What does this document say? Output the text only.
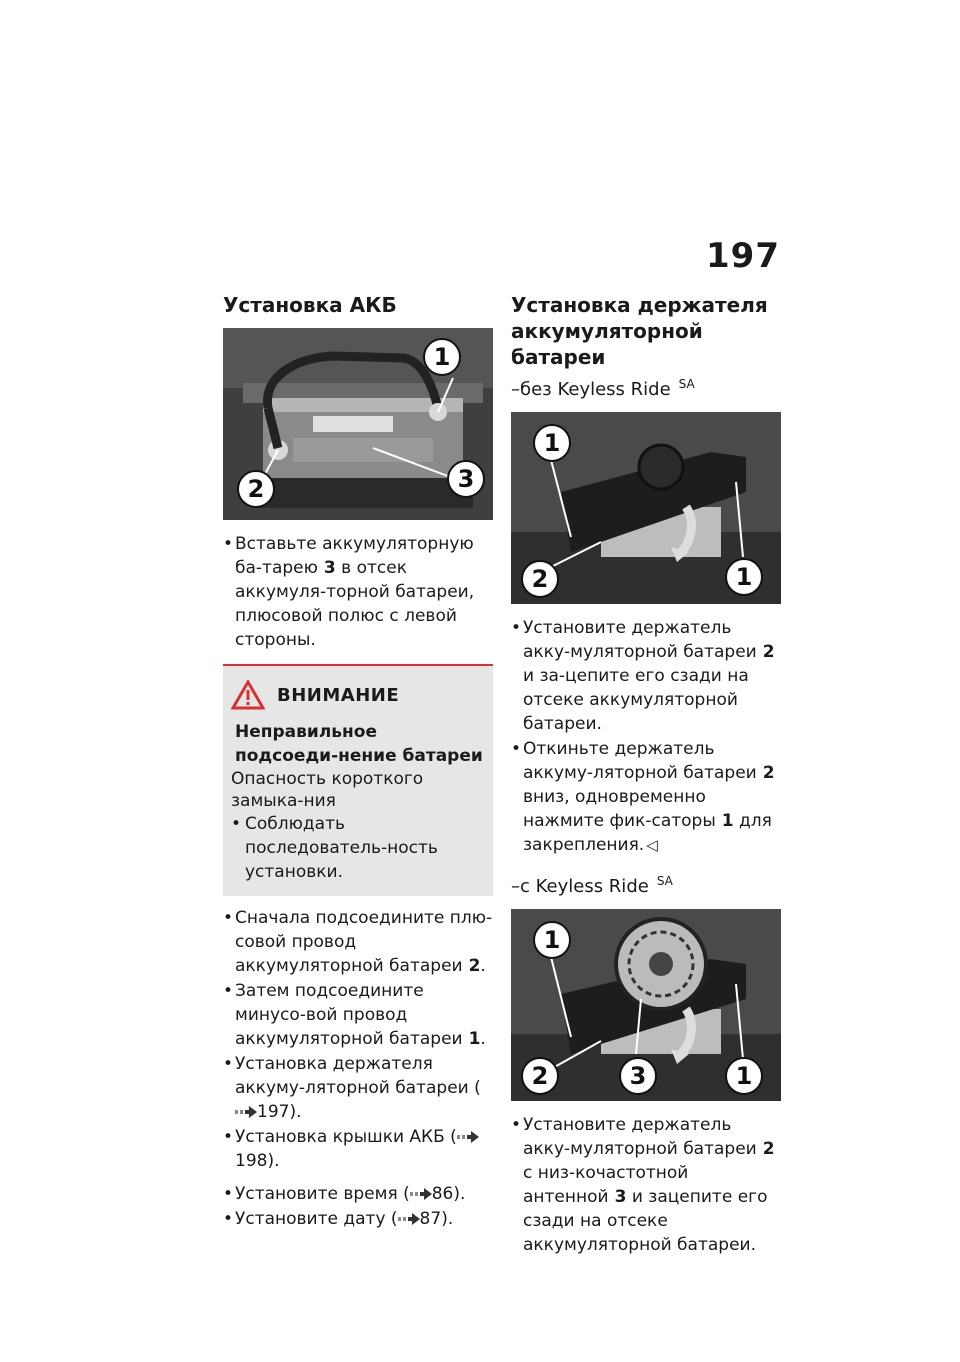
197
Установка АКБ
1
2	3
• Вставьте аккумуляторную ба-тарею 3 в отсек аккумуля-торной батареи, плюсовой полюс с левой стороны.
ВНИМАНИЕ
Неправильное подсоеди-нение батареи
Опасность короткого замыка-ния
• Соблюдать последователь-ность установки.
• Сначала подсоедините плю-совой провод аккумуляторной батареи 2.
• Затем подсоедините минусо-вой провод аккумуляторной батареи 1.
• Установка держателя аккуму-ляторной батареи (197).
• Установка крышки АКБ (198).
• Установите время ( 86).
• Установите дату ( 87).
Установка держателя
аккумуляторной батареи
–без Keyless Ride $^{SA}$
1
2	1
• Установите держатель акку-муляторной батареи 2 и за-цепите его сзади на отсеке аккумуляторной батареи.
• Откиньте держатель аккуму-ляторной батареи 2 вниз, одновременно нажмите фик-саторы 1 для закрепления. ◁
–с Keyless Ride $^{SA}$
1
2	3	1
• Установите держатель акку-муляторной батареи 2 с низ-кочастотной антенной 3 и зацепите его сзади на отсеке аккумуляторной батареи.
